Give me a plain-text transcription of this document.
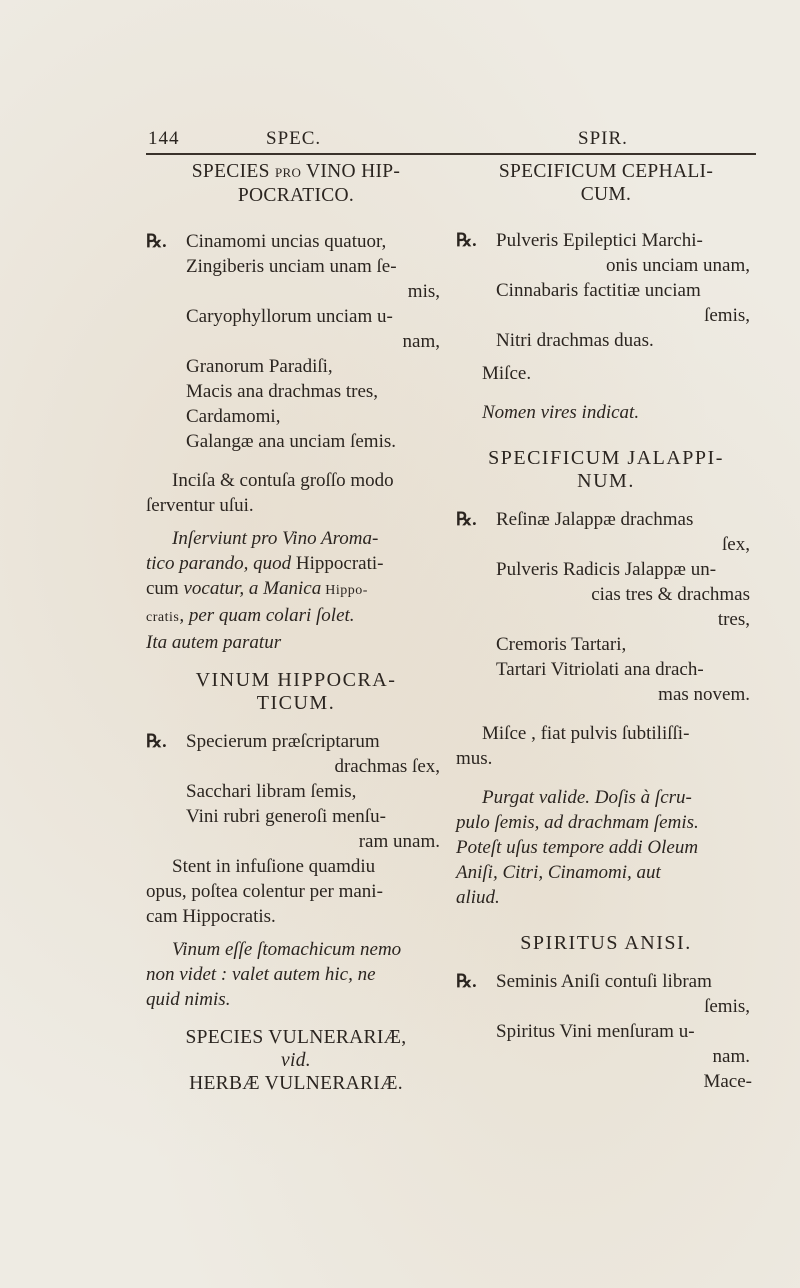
144	SPEC.	SPIR.

SPECIES PRO VINO HIP-
POCRATICO.

℞.	Cinamomi uncias quatuor,

Zingiberis unciam unam ſe-

mis,

Caryophyllorum unciam u-

nam,

Granorum Paradiſi,

Macis ana drachmas tres,

Cardamomi,

Galangæ ana unciam ſemis.

Inciſa & contuſa groſſo modo

ſerventur uſui.

Inſerviunt pro Vino Aroma-

tico parando, quod Hippocrati-

cum vocatur, a Manica Hippo-

cratis, per quam colari ſolet.

Ita autem paratur

VINUM HIPPOCRA-
TICUM.

℞.	Specierum præſcriptarum

drachmas ſex,

Sacchari libram ſemis,

Vini rubri generoſi menſu-

ram unam.

Stent in infuſione quamdiu

opus, poſtea colentur per mani-

cam Hippocratis.

Vinum eſſe ſtomachicum nemo

non videt : valet autem hic, ne

quid nimis.

SPECIES VULNERARIÆ,
vid.
HERBÆ VULNERARIÆ.

SPECIFICUM CEPHALI-
CUM.

℞.	Pulveris Epileptici Marchi-

onis unciam unam,

Cinnabaris factitiæ unciam

ſemis,

Nitri drachmas duas.

Miſce.

Nomen vires indicat.

SPECIFICUM JALAPPI-
NUM.

℞.	Reſinæ Jalappæ drachmas

ſex,

Pulveris Radicis Jalappæ un-

cias tres & drachmas

tres,

Cremoris Tartari,

Tartari Vitriolati ana drach-

mas novem.

Miſce , fiat pulvis ſubtiliſſi-

mus.

Purgat valide. Doſis à ſcru-

pulo ſemis, ad drachmam ſemis.

Poteſt uſus tempore addi Oleum

Aniſi, Citri, Cinamomi, aut

aliud.

SPIRITUS ANISI.

℞.	Seminis Aniſi contuſi libram

ſemis,

Spiritus Vini menſuram u-

nam.

Mace-
